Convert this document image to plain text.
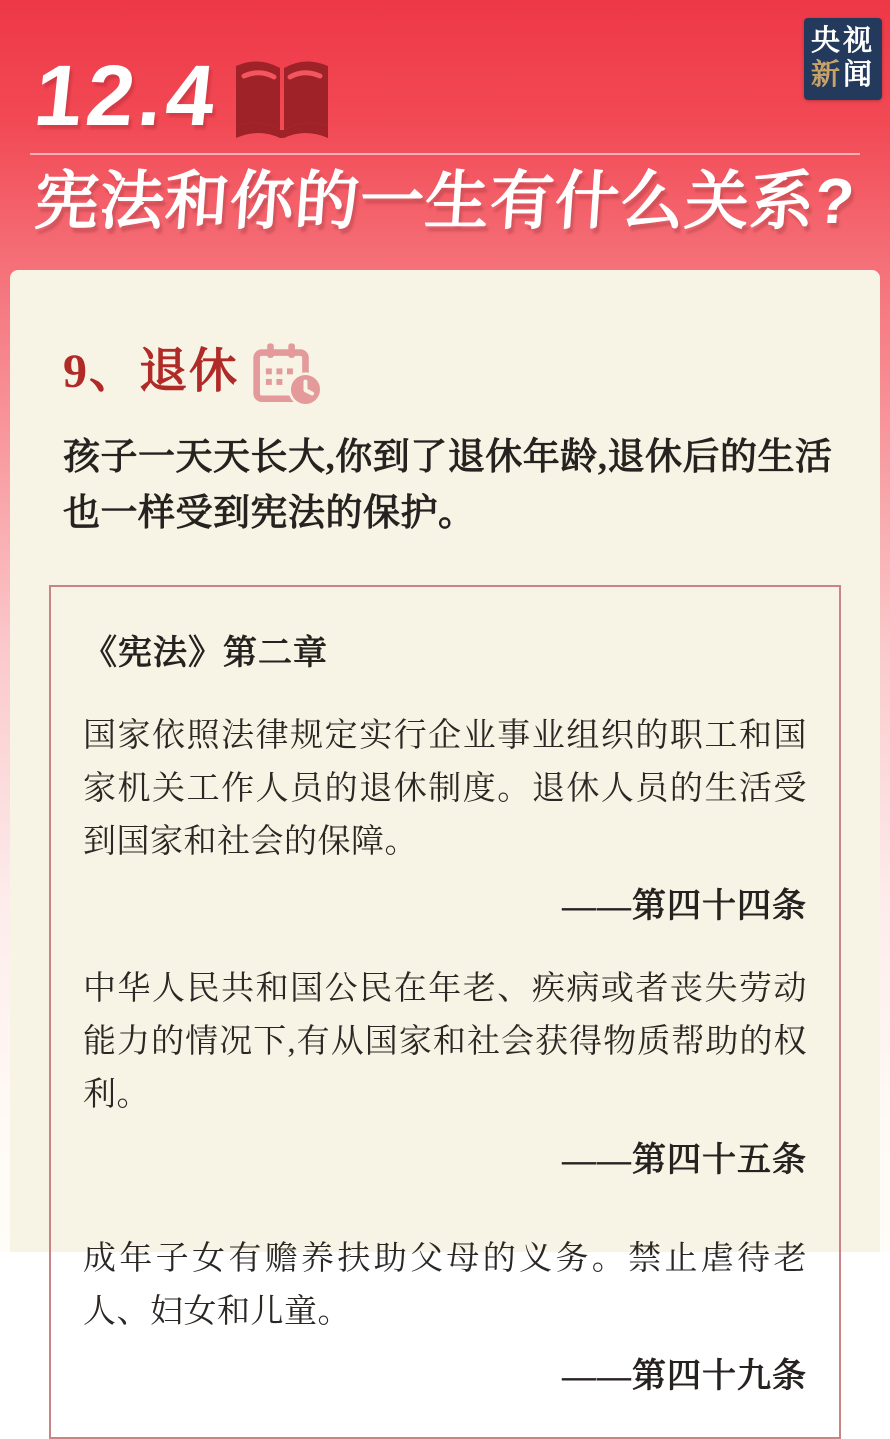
央视
新闻
12.4
宪法和你的一生有什么关系?
9、退休
孩子一天天长大,你到了退休年龄,退休后的生活也一样受到宪法的保护。
《宪法》第二章
国家依照法律规定实行企业事业组织的职工和国家机关工作人员的退休制度。退休人员的生活受到国家和社会的保障。
——第四十四条
中华人民共和国公民在年老、疾病或者丧失劳动能力的情况下,有从国家和社会获得物质帮助的权利。
——第四十五条
成年子女有赡养扶助父母的义务。禁止虐待老人、妇女和儿童。
——第四十九条
